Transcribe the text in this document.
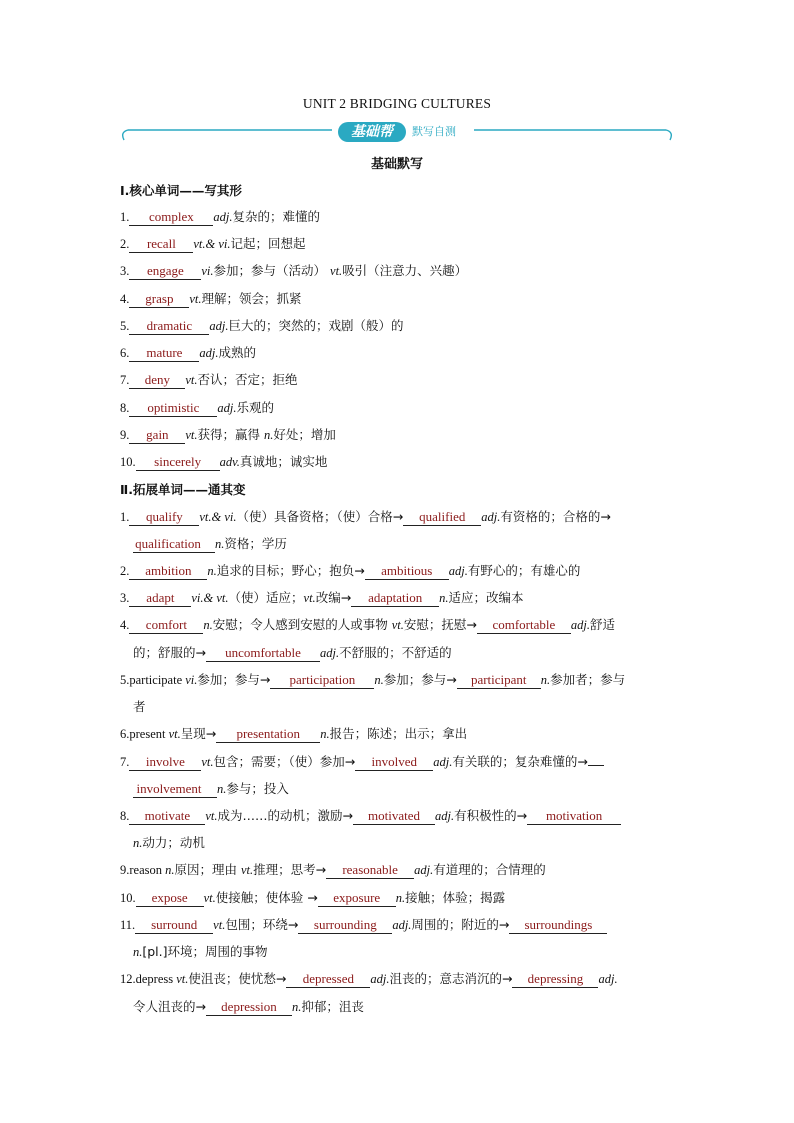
UNIT 2 BRIDGING CULTURES
基础帮	默写自测
基础默写
Ⅰ.核心单词——写其形
1. complex adj.复杂的；难懂的
2. recall vt.& vi.记起；回想起
3. engage vi.参加；参与（活动） vt.吸引（注意力、兴趣）
4. grasp vt.理解；领会；抓紧
5. dramatic adj.巨大的；突然的；戏剧（般）的
6. mature adj.成熟的
7. deny vt.否认；否定；拒绝
8. optimistic adj.乐观的
9. gain vt.获得；赢得 n.好处；增加
10. sincerely adv.真诚地；诚实地
Ⅱ.拓展单词——通其变
1. qualify vt.& vi.（使）具备资格；（使）合格→ qualified adj.有资格的；合格的→
qualification n.资格；学历
2. ambition n.追求的目标；野心；抱负→ ambitious adj.有野心的；有雄心的
3. adapt vi.& vt.（使）适应；vt.改编→ adaptation n.适应；改编本
4. comfort n.安慰；令人感到安慰的人或事物 vt.安慰；抚慰→ comfortable adj.舒适
的；舒服的→ uncomfortable adj.不舒服的；不舒适的
5.participate vi.参加；参与→ participation n.参加；参与→ participant n.参加者；参与
者
6.present vt.呈现→ presentation n.报告；陈述；出示；拿出
7. involve vt.包含；需要；（使）参加→ involved adj.有关联的；复杂难懂的→
involvement n.参与；投入
8. motivate vt.成为……的动机；激励→ motivated adj.有积极性的→ motivation
n.动力；动机
9.reason n.原因；理由 vt.推理；思考→ reasonable adj.有道理的；合情理的
10. expose vt.使接触；使体验 → exposure n.接触；体验；揭露
11. surround vt.包围；环绕→ surrounding adj.周围的；附近的→ surroundings
n.[pl.]环境；周围的事物
12.depress vt.使沮丧；使忧愁→ depressed adj.沮丧的；意志消沉的→ depressing adj.
令人沮丧的→ depression n.抑郁；沮丧
